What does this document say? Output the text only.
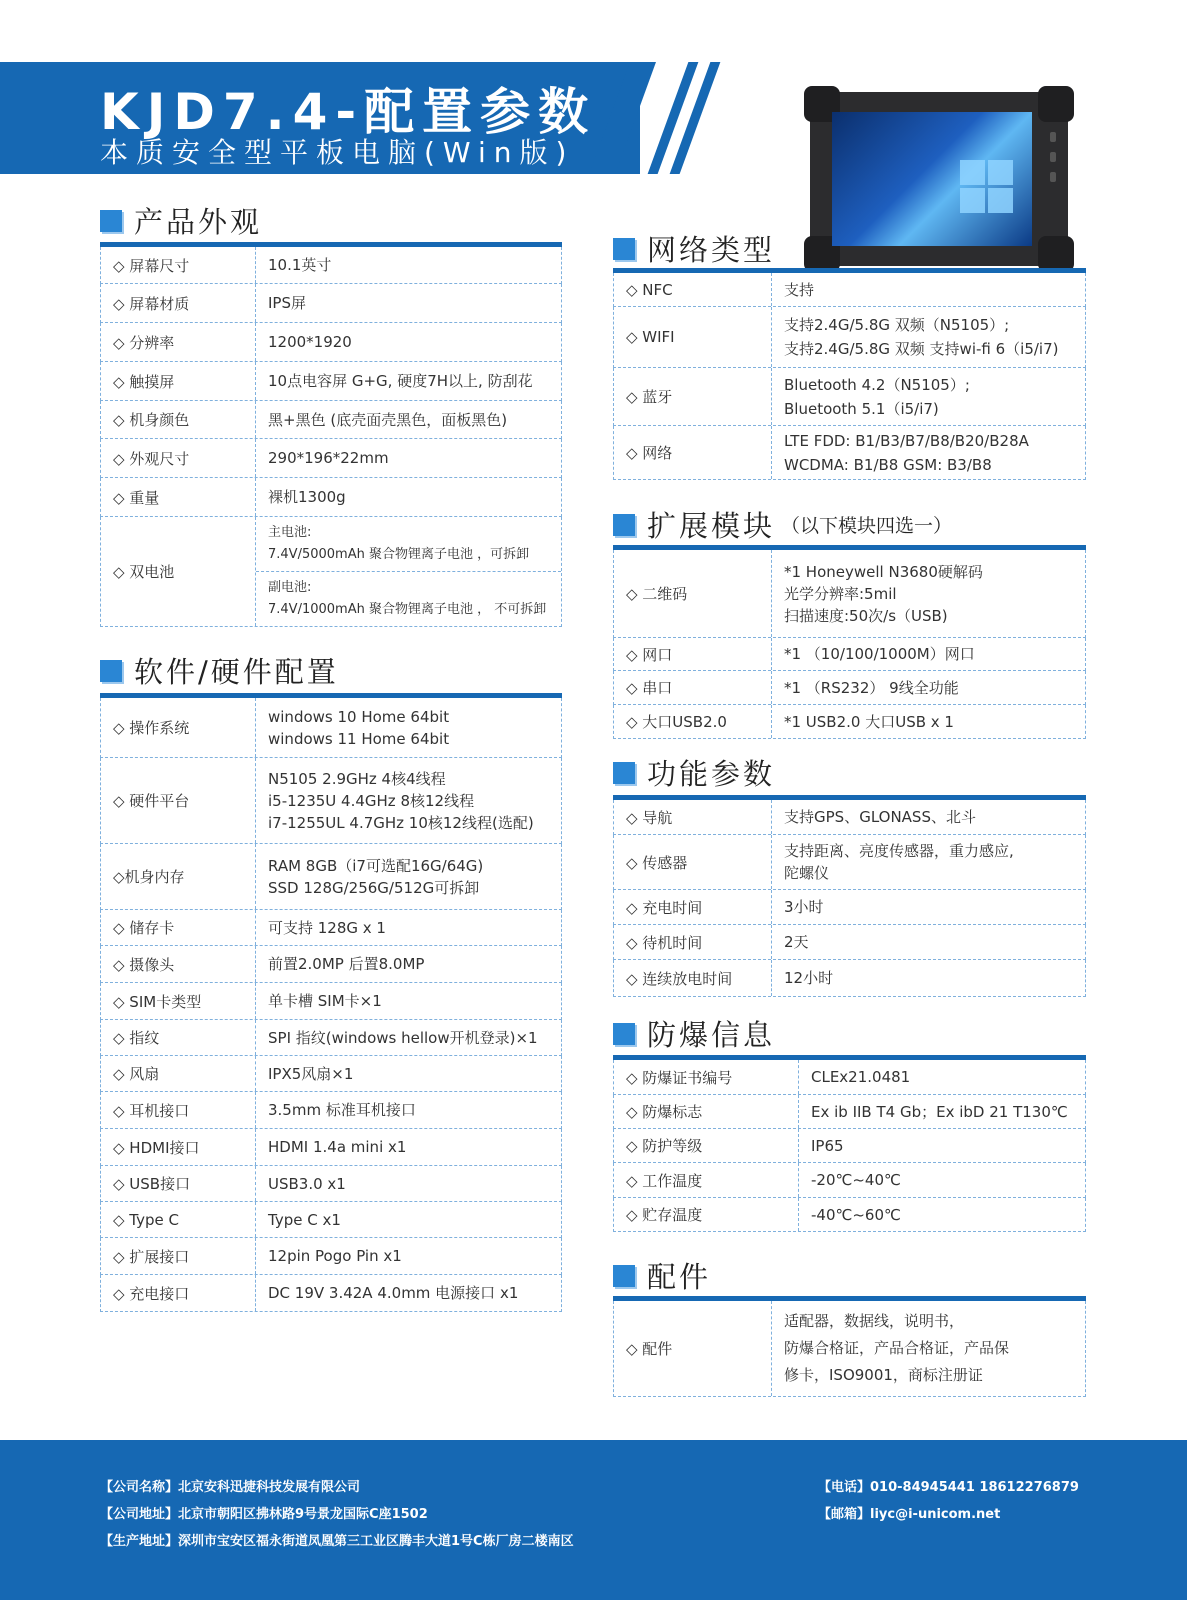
KJD7.4-配置参数
本质安全型平板电脑(Win版)
产品外观
◇ 屏幕尺寸	10.1英寸
◇ 屏幕材质	IPS屏
◇ 分辨率	1200*1920
◇ 触摸屏	10点电容屏 G+G, 硬度7H以上, 防刮花
◇ 机身颜色	黑+黑色 (底壳面壳黑色，面板黑色)
◇ 外观尺寸	290*196*22mm
◇ 重量	裸机1300g
◇ 双电池
主电池:
7.4V/5000mAh 聚合物锂离子电池 ，可拆卸
副电池:
7.4V/1000mAh 聚合物锂离子电池 ， 不可拆卸
软件/硬件配置
◇ 操作系统
windows 10 Home 64bit
windows 11 Home 64bit
◇ 硬件平台
N5105 2.9GHz 4核4线程
i5-1235U 4.4GHz 8核12线程
i7-1255UL 4.7GHz 10核12线程(选配)
◇机身内存
RAM 8GB（i7可选配16G/64G)
SSD 128G/256G/512G可拆卸
◇ 储存卡	可支持 128G x 1
◇ 摄像头	前置2.0MP 后置8.0MP
◇ SIM卡类型	单卡槽 SIM卡×1
◇ 指纹	SPI 指纹(windows hellow开机登录)×1
◇ 风扇	IPX5风扇×1
◇ 耳机接口	3.5mm 标准耳机接口
◇ HDMI接口	HDMI 1.4a mini x1
◇ USB接口	USB3.0 x1
◇ Type C	Type C x1
◇ 扩展接口	12pin Pogo Pin x1
◇ 充电接口	DC 19V 3.42A 4.0mm 电源接口 x1
网络类型
◇ NFC	支持
◇ WIFI
支持2.4G/5.8G 双频（N5105）;
支持2.4G/5.8G 双频 支持wi-fi 6（i5/i7)
◇ 蓝牙
Bluetooth 4.2（N5105）;
Bluetooth 5.1（i5/i7)
◇ 网络
LTE FDD: B1/B3/B7/B8/B20/B28A
WCDMA: B1/B8 GSM: B3/B8
扩展模块 （以下模块四选一）
◇ 二维码
*1 Honeywell N3680硬解码
光学分辨率:5mil
扫描速度:50次/s（USB)
◇ 网口	*1 （10/100/1000M）网口
◇ 串口	*1 （RS232） 9线全功能
◇ 大口USB2.0	*1 USB2.0 大口USB x 1
功能参数
◇ 导航	支持GPS、GLONASS、北斗
◇ 传感器
支持距离、亮度传感器，重力感应,
陀螺仪
◇ 充电时间	3小时
◇ 待机时间	2天
◇ 连续放电时间	12小时
防爆信息
◇ 防爆证书编号	CLEx21.0481
◇ 防爆标志	Ex ib IIB T4 Gb；Ex ibD 21 T130℃
◇ 防护等级	IP65
◇ 工作温度	-20℃~40℃
◇ 贮存温度	-40℃~60℃
配件
◇ 配件
适配器，数据线，说明书，
防爆合格证，产品合格证，产品保
修卡，ISO9001，商标注册证
【公司名称】北京安科迅捷科技发展有限公司
【公司地址】北京市朝阳区拂林路9号景龙国际C座1502
【生产地址】深圳市宝安区福永街道凤凰第三工业区腾丰大道1号C栋厂房二楼南区
【电话】010-84945441 18612276879
【邮箱】liyc@i-unicom.net
